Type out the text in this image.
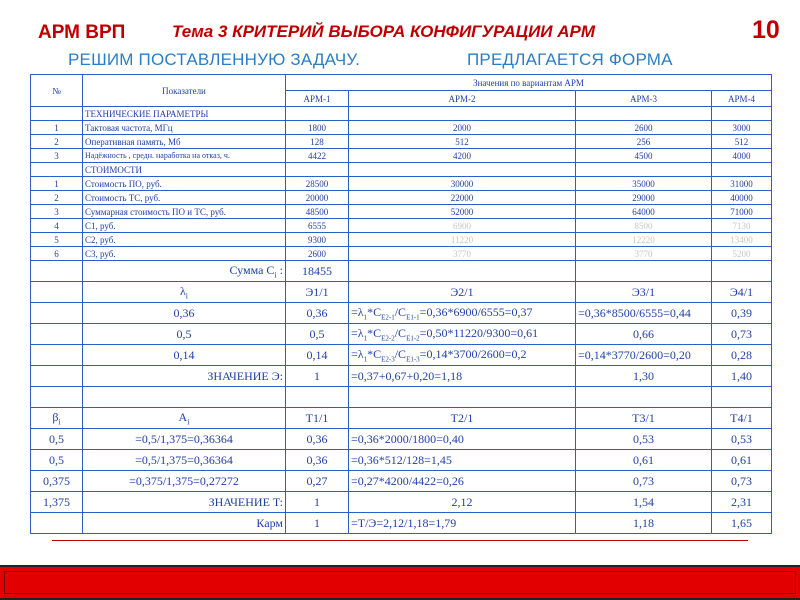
АРМ ВРП	Тема 3 КРИТЕРИЙ ВЫБОРА КОНФИГУРАЦИИ АРМ	10
РЕШИМ ПОСТАВЛЕННУЮ ЗАДАЧУ.	ПРЕДЛАГАЕТСЯ ФОРМА
№	Показатели	Значения по вариантам АРМ			
		АРМ-1	АРМ-2	АРМ-3	АРМ-4
	ТЕХНИЧЕСКИЕ ПАРАМЕТРЫ				
1	Тактовая частота, МГц	1800	2000	2600	3000
2	Оперативная память, Мб	128	512	256	512
3	Надёжность , средн. наработка на отказ, ч.	4422	4200	4500	4000
	СТОИМОСТИ				
1	Стоимость ПО, руб.	28500	30000	35000	31000
2	Стоимость ТС, руб.	20000	22000	29000	40000
3	Суммарная стоимость ПО и ТС, руб.	48500	52000	64000	71000
4	С1, руб.	6555	6900	8500	7130
5	С2, руб.	9300	11220	12220	13400
6	С3, руб.	2600	3770	3770	5200
	Сумма $C_i$ :	18455			
	$\lambda_i$	Э1/1	Э2/1	Э3/1	Э4/1
	0,36	0,36	$=\lambda_1*C_{E2-1}/C_{E1-1}=0,36*6900/6555=0,37$	=0,36*8500/6555=0,44	0,39
	0,5	0,5	$=\lambda_1*C_{E2-2}/C_{E1-2}=0,50*11220/9300=0,61$	0,66	0,73
	0,14	0,14	$=\lambda_1*C_{E2-3}/C_{E1-3}=0,14*3700/2600=0,2$	=0,14*3770/2600=0,20	0,28
	ЗНАЧЕНИЕ Э:	1	=0,37+0,67+0,20=1,18	1,30	1,40

$\beta_i$	$A_i$	T1/1	T2/1	T3/1	T4/1
0,5	=0,5/1,375=0,36364	0,36	=0,36*2000/1800=0,40	0,53	0,53
0,5	=0,5/1,375=0,36364	0,36	=0,36*512/128=1,45	0,61	0,61
0,375	=0,375/1,375=0,27272	0,27	=0,27*4200/4422=0,26	0,73	0,73
1,375	ЗНАЧЕНИЕ T:	1	2,12	1,54	2,31
	Карм	1	=T/Э=2,12/1,18=1,79	1,18	1,65
